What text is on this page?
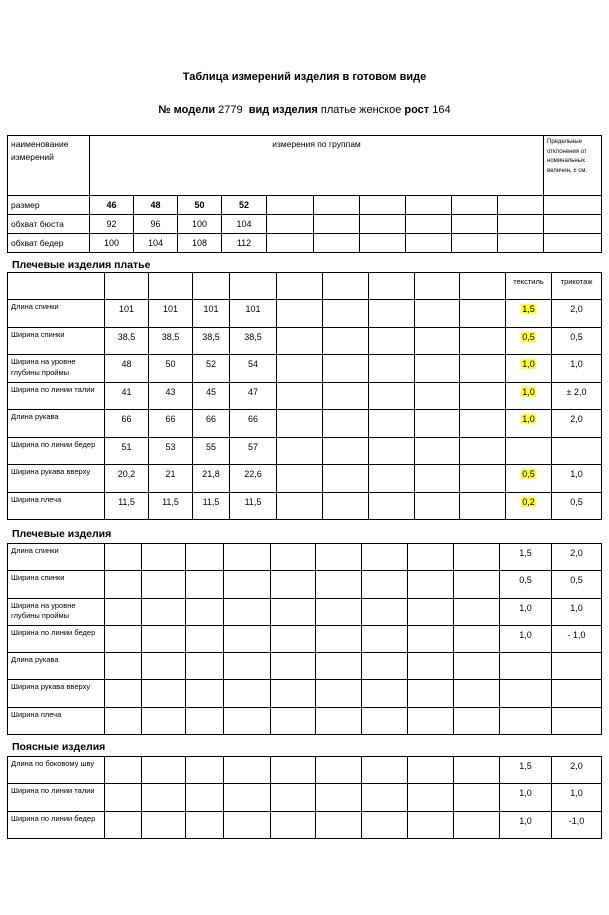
Таблица измерений изделия в готовом виде
№ модели 2779 вид изделия платье женское рост 164
наименование измерений	измерения по группам										Предельные отклонения от номинальных величин, ± см.
размер	46	48	50	52							
обхват бюста	92	96	100	104							
обхват бедер	100	104	108	112							
Плечевые изделия платье
										текстиль	трикотаж
Длина спинки	101	101	101	101						1,5	2,0
Ширина спинки	38,5	38,5	38,5	38,5						0,5	0,5
Ширина на уровне глубины проймы	48	50	52	54						1,0	1,0
Ширина по линии талии	41	43	45	47						1,0	± 2,0
Длина рукава	66	66	66	66						1,0	2,0
Ширина по линии бедер	51	53	55	57							
Ширина рукава вверху	20,2	21	21,8	22,6						0,5	1,0
Ширина плеча	11,5	11,5	11,5	11,5						0,2	0,5
Плечевые изделия
Длина спинки										1,5	2,0
Ширина спинки										0,5	0,5
Ширина на уровне глубины проймы										1,0	1,0
Ширина по линии бедер										1,0	- 1,0
Длина рукава											
Ширина рукава вверху											
Ширина плеча											
Поясные изделия
Длина по боковому шву										1,5	2,0
Ширина по линии талии										1,0	1,0
Ширина по линии бедер										1,0	-1,0
